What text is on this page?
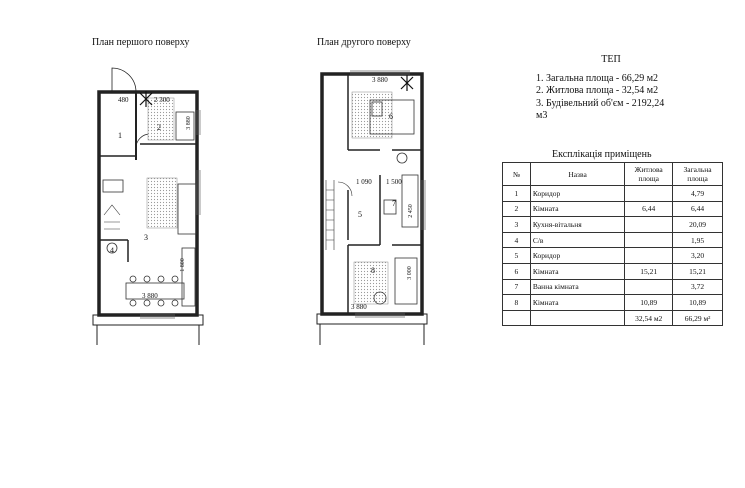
План першого поверху	План другого поверху
1
2
3
4
480	2 300
3 880
1 800
3 880
5
6
7
8
3 880
1 090 1 500
2 450
3 000
3 880
ТЕП
1. Загальна площа - 66,29 м2
2. Житлова площа - 32,54 м2
3. Будівельний об'єм - 2192,24
м3
Експлікація приміщень
№	Назва	Житлова площа	Загальна площа
1	Коридор		4,79
2	Кімната	6,44	6,44
3	Кухня-вітальня		20,09
4	С/в		1,95
5	Коридор		3,20
6	Кімната	15,21	15,21
7	Ванна кімната		3,72
8	Кімната	10,89	10,89
		32,54 м2	66,29 м²
